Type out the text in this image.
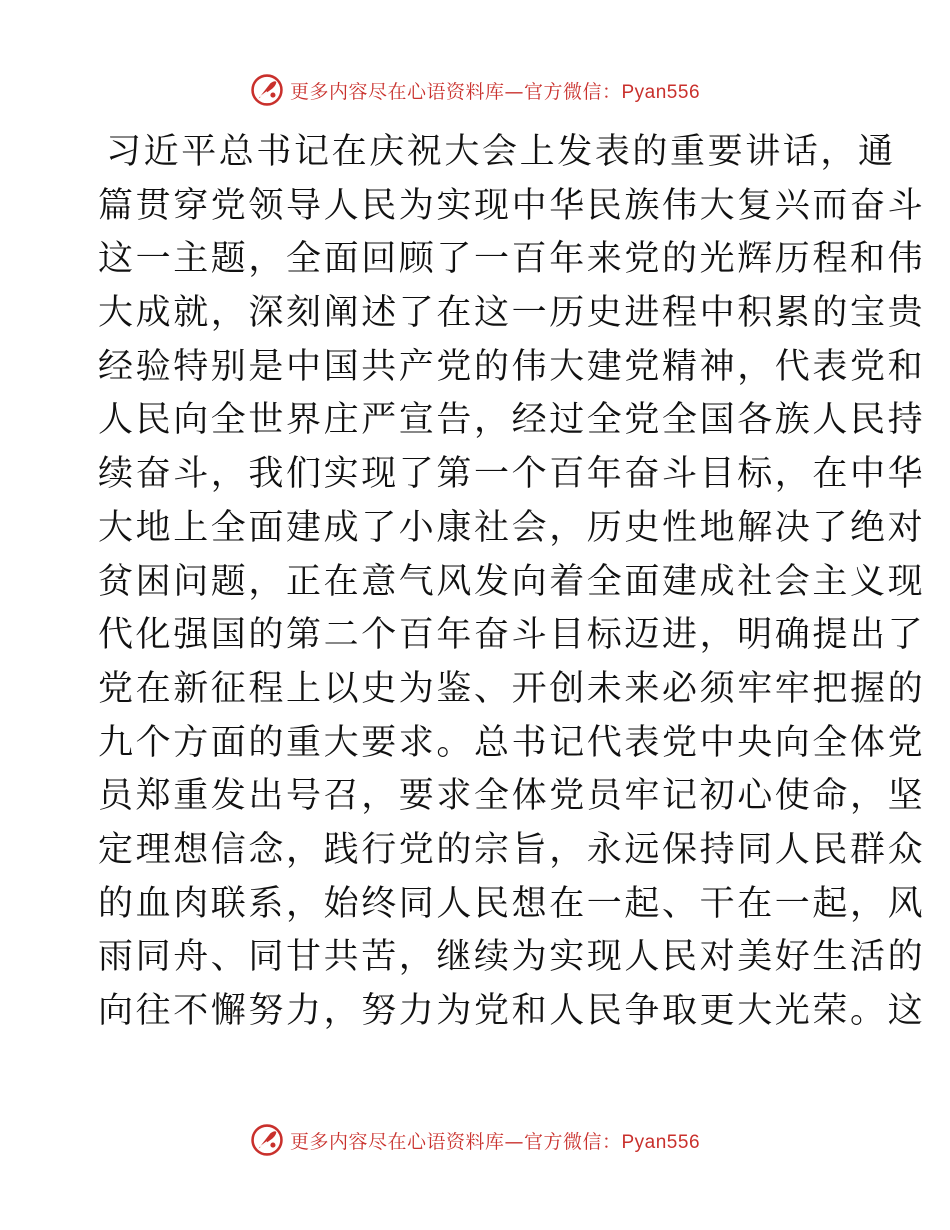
更多内容尽在心语资料库—官方微信：Pyan556
习近平总书记在庆祝大会上发表的重要讲话，通
篇贯穿党领导人民为实现中华民族伟大复兴而奋斗
这一主题，全面回顾了一百年来党的光辉历程和伟
大成就，深刻阐述了在这一历史进程中积累的宝贵
经验特别是中国共产党的伟大建党精神，代表党和
人民向全世界庄严宣告，经过全党全国各族人民持
续奋斗，我们实现了第一个百年奋斗目标，在中华
大地上全面建成了小康社会，历史性地解决了绝对
贫困问题，正在意气风发向着全面建成社会主义现
代化强国的第二个百年奋斗目标迈进，明确提出了
党在新征程上以史为鉴、开创未来必须牢牢把握的
九个方面的重大要求。总书记代表党中央向全体党
员郑重发出号召，要求全体党员牢记初心使命，坚
定理想信念，践行党的宗旨，永远保持同人民群众
的血肉联系，始终同人民想在一起、干在一起，风
雨同舟、同甘共苦，继续为实现人民对美好生活的
向往不懈努力，努力为党和人民争取更大光荣。这
更多内容尽在心语资料库—官方微信：Pyan556
